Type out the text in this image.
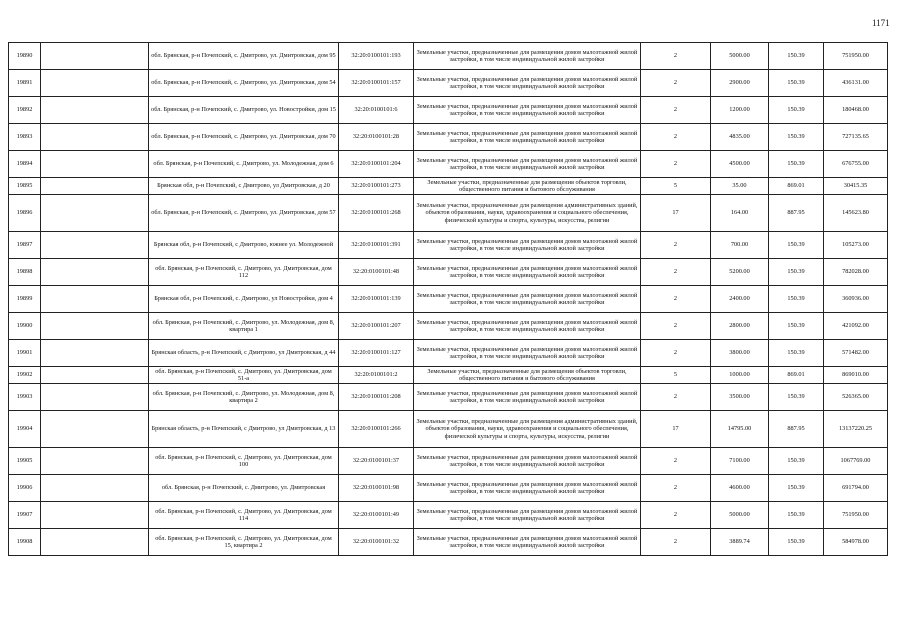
1171
19890		обл. Брянская, р-н Почепский, с. Дмитрово, ул. Дмитровская, дом 95	32:20:0100101:193	Земельные участки, предназначенные для размещения домов малоэтажной жилой застройки, в том числе индивидуальной жилой застройки	2	5000.00	150.39	751950.00
19891		обл. Брянская, р-н Почепский, с. Дмитрово, ул. Дмитровская, дом 54	32:20:0100101:157	Земельные участки, предназначенные для размещения домов малоэтажной жилой застройки, в том числе индивидуальной жилой застройки	2	2900.00	150.39	436131.00
19892		обл. Брянская, р-н Почепский, с. Дмитрово, ул. Новостройки, дом 15	32:20:0100101:6	Земельные участки, предназначенные для размещения домов малоэтажной жилой застройки, в том числе индивидуальной жилой застройки	2	1200.00	150.39	180468.00
19893		обл. Брянская, р-н Почепский, с. Дмитрово, ул. Дмитровская, дом 70	32:20:0100101:28	Земельные участки, предназначенные для размещения домов малоэтажной жилой застройки, в том числе индивидуальной жилой застройки	2	4835.00	150.39	727135.65
19894		обл. Брянская, р-н Почепский, с. Дмитрово, ул. Молодежная, дом 6	32:20:0100101:204	Земельные участки, предназначенные для размещения домов малоэтажной жилой застройки, в том числе индивидуальной жилой застройки	2	4500.00	150.39	676755.00
19895		Брянская обл, р-н Почепский, с Дмитрово, ул Дмитровская, д 20	32:20:0100101:273	Земельные участки, предназначенные для размещения объектов торговли, общественного питания и бытового обслуживания	5	35.00	869.01	30415.35
19896		обл. Брянская, р-н Почепский, с. Дмитрово, ул. Дмитровская, дом 57	32:20:0100101:268	Земельные участки, предназначенные для размещения административных зданий, объектов образования, науки, здравоохранения и социального обеспечения, физической культуры и спорта, культуры, искусства, религии	17	164.00	887.95	145623.80
19897		Брянская обл, р-н Почепский, с Дмитрово, южнее ул. Молодежной	32:20:0100101:391	Земельные участки, предназначенные для размещения домов малоэтажной жилой застройки, в том числе индивидуальной жилой застройки	2	700.00	150.39	105273.00
19898		обл. Брянская, р-н Почепский, с. Дмитрово, ул. Дмитровская, дом 112	32:20:0100101:48	Земельные участки, предназначенные для размещения домов малоэтажной жилой застройки, в том числе индивидуальной жилой застройки	2	5200.00	150.39	782028.00
19899		Брянская обл, р-н Почепский, с. Дмитрово, ул Новостройки, дом 4	32:20:0100101:139	Земельные участки, предназначенные для размещения домов малоэтажной жилой застройки, в том числе индивидуальной жилой застройки	2	2400.00	150.39	360936.00
19900		обл. Брянская, р-н Почепский, с. Дмитрово, ул. Молодежная, дом 8, квартира 1	32:20:0100101:207	Земельные участки, предназначенные для размещения домов малоэтажной жилой застройки, в том числе индивидуальной жилой застройки	2	2800.00	150.39	421092.00
19901		Брянская область, р-н Почепский, с Дмитрово, ул Дмитровская, д 44	32:20:0100101:127	Земельные участки, предназначенные для размещения домов малоэтажной жилой застройки, в том числе индивидуальной жилой застройки	2	3800.00	150.39	571482.00
19902		обл. Брянская, р-н Почепский, с. Дмитрово, ул. Дмитровская, дом 51-а	32:20:0100101:2	Земельные участки, предназначенные для размещения объектов торговли, общественного питания и бытового обслуживания	5	1000.00	869.01	869010.00
19903		обл. Брянская, р-н Почепский, с. Дмитрово, ул. Молодежная, дом 8, квартира 2	32:20:0100101:208	Земельные участки, предназначенные для размещения домов малоэтажной жилой застройки, в том числе индивидуальной жилой застройки	2	3500.00	150.39	526365.00
19904		Брянская область, р-н Почепский, с Дмитрово, ул Дмитровская, д 13	32:20:0100101:266	Земельные участки, предназначенные для размещения административных зданий, объектов образования, науки, здравоохранения и социального обеспечения, физической культуры и спорта, культуры, искусства, религии	17	14795.00	887.95	13137220.25
19905		обл. Брянская, р-н Почепский, с. Дмитрово, ул. Дмитровская, дом 100	32:20:0100101:37	Земельные участки, предназначенные для размещения домов малоэтажной жилой застройки, в том числе индивидуальной жилой застройки	2	7100.00	150.39	1067769.00
19906		обл. Брянская, р-н Почепский, с. Дмитрово, ул. Дмитровская	32:20:0100101:98	Земельные участки, предназначенные для размещения домов малоэтажной жилой застройки, в том числе индивидуальной жилой застройки	2	4600.00	150.39	691794.00
19907		обл. Брянская, р-н Почепский, с. Дмитрово, ул. Дмитровская, дом 114	32:20:0100101:49	Земельные участки, предназначенные для размещения домов малоэтажной жилой застройки, в том числе индивидуальной жилой застройки	2	5000.00	150.39	751950.00
19908		обл. Брянская, р-н Почепский, с. Дмитрово, ул. Дмитровская, дом 15, квартира 2	32:20:0100101:32	Земельные участки, предназначенные для размещения домов малоэтажной жилой застройки, в том числе индивидуальной жилой застройки	2	3889.74	150.39	584978.00
